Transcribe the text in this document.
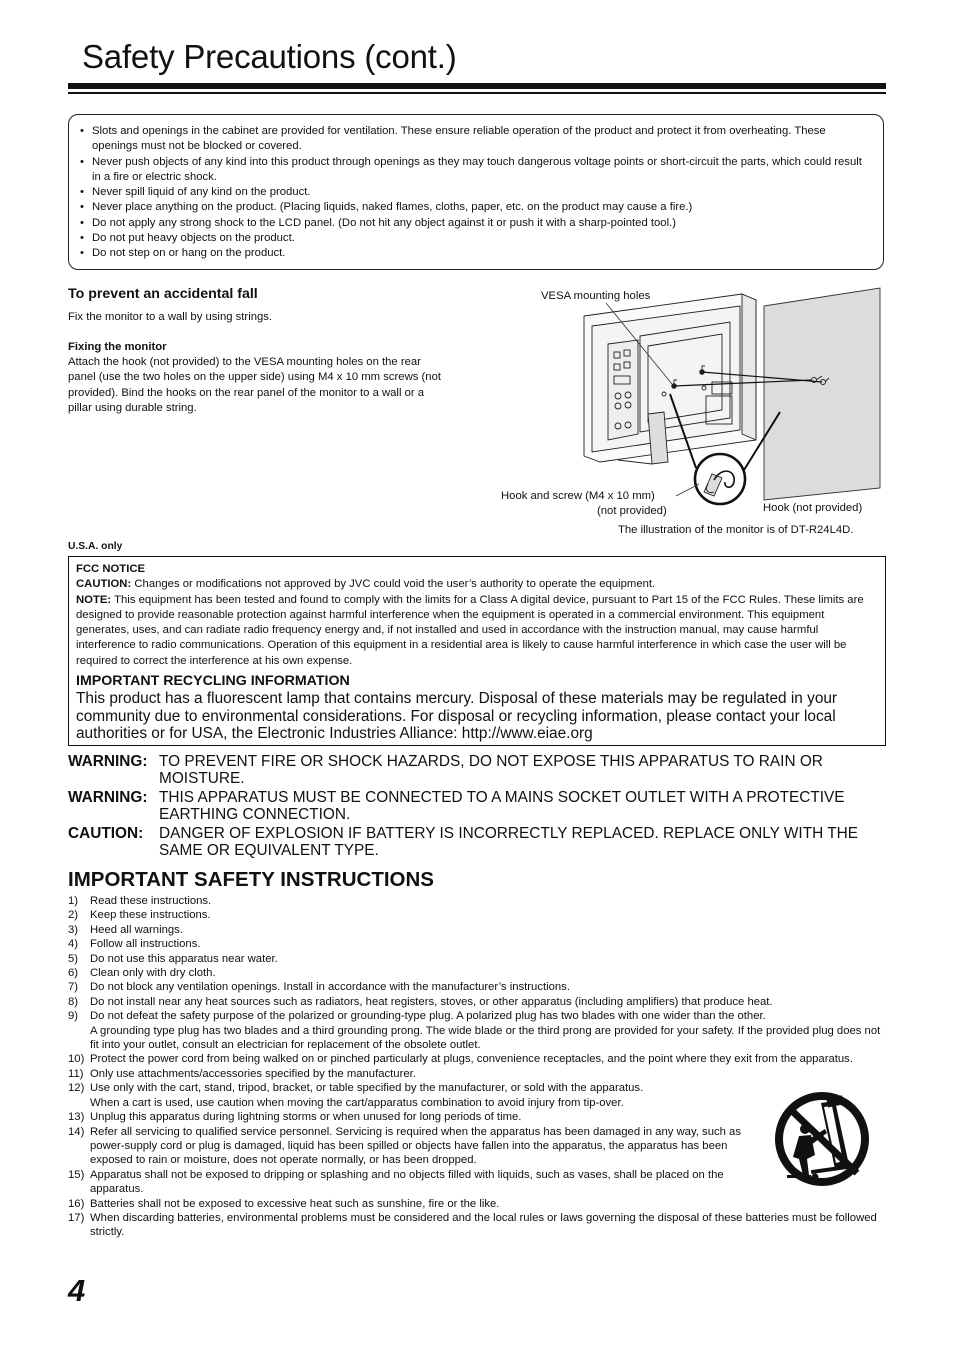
Safety Precautions (cont.)
• Slots and openings in the cabinet are provided for ventilation. These ensure reliable operation of the product and protect it from overheating. These openings must not be blocked or covered.
• Never push objects of any kind into this product through openings as they may touch dangerous voltage points or short-circuit the parts, which could result in a fire or electric shock.
• Never spill liquid of any kind on the product.
• Never place anything on the product. (Placing liquids, naked flames, cloths, paper, etc. on the product may cause a fire.)
• Do not apply any strong shock to the LCD panel. (Do not hit any object against it or push it with a sharp-pointed tool.)
• Do not put heavy objects on the product.
• Do not step on or hang on the product.
To prevent an accidental fall
Fix the monitor to a wall by using strings.
Fixing the monitor
Attach the hook (not provided) to the VESA mounting holes on the rear panel (use the two holes on the upper side) using M4 x 10 mm screws (not provided). Bind the hooks on the rear panel of the monitor to a wall or a pillar using durable string.
VESA mounting holes
Hook and screw (M4 x 10 mm)
(not provided)	Hook (not provided)
The illustration of the monitor is of DT-R24L4D.
U.S.A. only

FCC NOTICE

CAUTION: Changes or modifications not approved by JVC could void the user’s authority to operate the equipment.

NOTE: This equipment has been tested and found to comply with the limits for a Class A digital device, pursuant to Part 15 of the FCC Rules. These limits are designed to provide reasonable protection against harmful interference when the equipment is operated in a commercial environment. This equipment generates, uses, and can radiate radio frequency energy and, if not installed and used in accordance with the instruction manual, may cause harmful interference to radio communications. Operation of this equipment in a residential area is likely to cause harmful interference in which case the user will be required to correct the interference at his own expense.

IMPORTANT RECYCLING INFORMATION

This product has a fluorescent lamp that contains mercury. Disposal of these materials may be regulated in your community due to environmental considerations. For disposal or recycling information, please contact your local authorities or for USA, the Electronic Industries Alliance: http://www.eiae.org

WARNING: TO PREVENT FIRE OR SHOCK HAZARDS, DO NOT EXPOSE THIS APPARATUS TO RAIN OR MOISTURE.
WARNING: THIS APPARATUS MUST BE CONNECTED TO A MAINS SOCKET OUTLET WITH A PROTECTIVE EARTHING CONNECTION.
CAUTION:	DANGER OF EXPLOSION IF BATTERY IS INCORRECTLY REPLACED. REPLACE ONLY WITH THE SAME OR EQUIVALENT TYPE.
IMPORTANT SAFETY INSTRUCTIONS
1)	Read these instructions.
2)	Keep these instructions.
3)	Heed all warnings.
4)	Follow all instructions.
5)	Do not use this apparatus near water.
6)	Clean only with dry cloth.
7)	Do not block any ventilation openings. Install in accordance with the manufacturer’s instructions.
8)	Do not install near any heat sources such as radiators, heat registers, stoves, or other apparatus (including amplifiers) that produce heat.
9)	Do not defeat the safety purpose of the polarized or grounding-type plug. A polarized plug has two blades with one wider than the other.
A grounding type plug has two blades and a third grounding prong. The wide blade or the third prong are provided for your safety. If the provided plug does not fit into your outlet, consult an electrician for replacement of the obsolete outlet.
10) Protect the power cord from being walked on or pinched particularly at plugs, convenience receptacles, and the point where they exit from the apparatus.
11) Only use attachments/accessories specified by the manufacturer.
12) Use only with the cart, stand, tripod, bracket, or table specified by the manufacturer, or sold with the apparatus.
When a cart is used, use caution when moving the cart/apparatus combination to avoid injury from tip-over.
13) Unplug this apparatus during lightning storms or when unused for long periods of time.
14) Refer all servicing to qualified service personnel. Servicing is required when the apparatus has been damaged in any way, such as power-supply cord or plug is damaged, liquid has been spilled or objects have fallen into the apparatus, the apparatus has been exposed to rain or moisture, does not operate normally, or has been dropped.
15) Apparatus shall not be exposed to dripping or splashing and no objects filled with liquids, such as vases, shall be placed on the apparatus.
16) Batteries shall not be exposed to excessive heat such as sunshine, fire or the like.
17) When discarding batteries, environmental problems must be considered and the local rules or laws governing the disposal of these batteries must be followed strictly.
4
